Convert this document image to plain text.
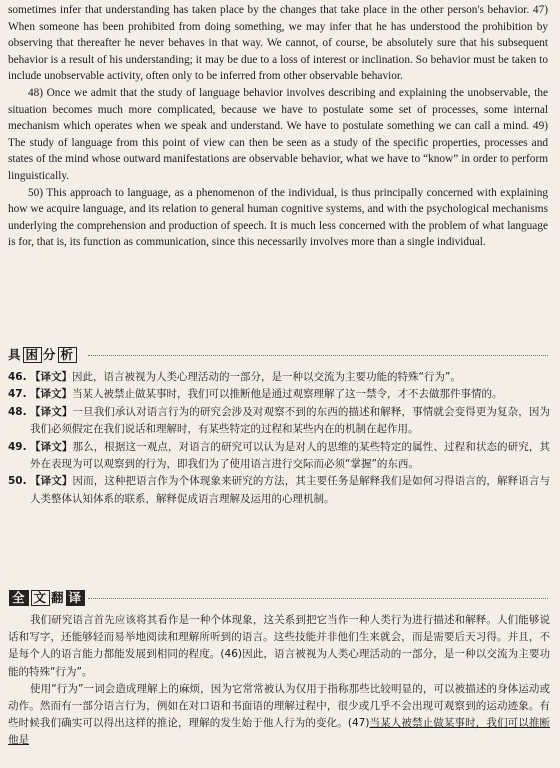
sometimes infer that understanding has taken place by the changes that take place in the other person's behavior. 47) When someone has been prohibited from doing something, we may infer that he has understood the prohibition by observing that thereafter he never behaves in that way. We cannot, of course, be absolutely sure that his subsequent behavior is a result of his understanding; it may be due to a loss of interest or inclination. So behavior must be taken to include unobservable activity, often only to be inferred from other observable behavior.

48) Once we admit that the study of language behavior involves describing and explaining the unobservable, the situation becomes much more complicated, because we have to postulate some set of processes, some internal mechanism which operates when we speak and understand. We have to postulate something we can call a mind. 49) The study of language from this point of view can then be seen as a study of the specific properties, processes and states of the mind whose outward manifestations are observable behavior, what we have to “know” in order to perform linguistically.

50) This approach to language, as a phenomenon of the individual, is thus principally concerned with explaining how we acquire language, and its relation to general human cognitive systems, and with the psychological mechanisms underlying the comprehension and production of speech. It is much less concerned with the problem of what language is for, that is, its function as communication, since this necessarily involves more than a single individual.

具 困 分 析
46. 【译文】因此，语言被视为人类心理活动的一部分，是一种以交流为主要功能的特殊“行为”。
47. 【译文】当某人被禁止做某事时，我们可以推断他是通过观察理解了这一禁令，才不去做那件事情的。
48. 【译文】一旦我们承认对语言行为的研究会涉及对观察不到的东西的描述和解释，事情就会变得更为复杂，因为我们必须假定在我们说话和理解时，有某些特定的过程和某些内在的机制在起作用。
49. 【译文】那么，根据这一观点，对语言的研究可以认为是对人的思维的某些特定的属性、过程和状态的研究，其外在表现为可以观察到的行为，即我们为了使用语言进行交际而必须“掌握”的东西。
50. 【译文】因而，这种把语言作为个体现象来研究的方法，其主要任务是解释我们是如何习得语言的，解释语言与人类整体认知体系的联系，解释促成语言理解及运用的心理机制。
全 文 翻 译

我们研究语言首先应该将其看作是一种个体现象，这关系到把它当作一种人类行为进行描述和解释。人们能够说话和写字，还能够轻而易举地阅读和理解所听到的语言。这些技能并非他们生来就会，而是需要后天习得。并且，不是每个人的语言能力都能发展到相同的程度。(46)因此，语言被视为人类心理活动的一部分，是一种以交流为主要功能的特殊“行为”。

使用“行为”一词会造成理解上的麻烦，因为它常常被认为仅用于指称那些比较明显的，可以被描述的身体运动或动作。然而有一部分语言行为，例如在对口语和书面语的理解过程中，很少或几乎不会出现可观察到的运动迹象。有些时候我们确实可以得出这样的推论，理解的发生始于他人行为的变化。(47)当某人被禁止做某事时，我们可以推断他是
